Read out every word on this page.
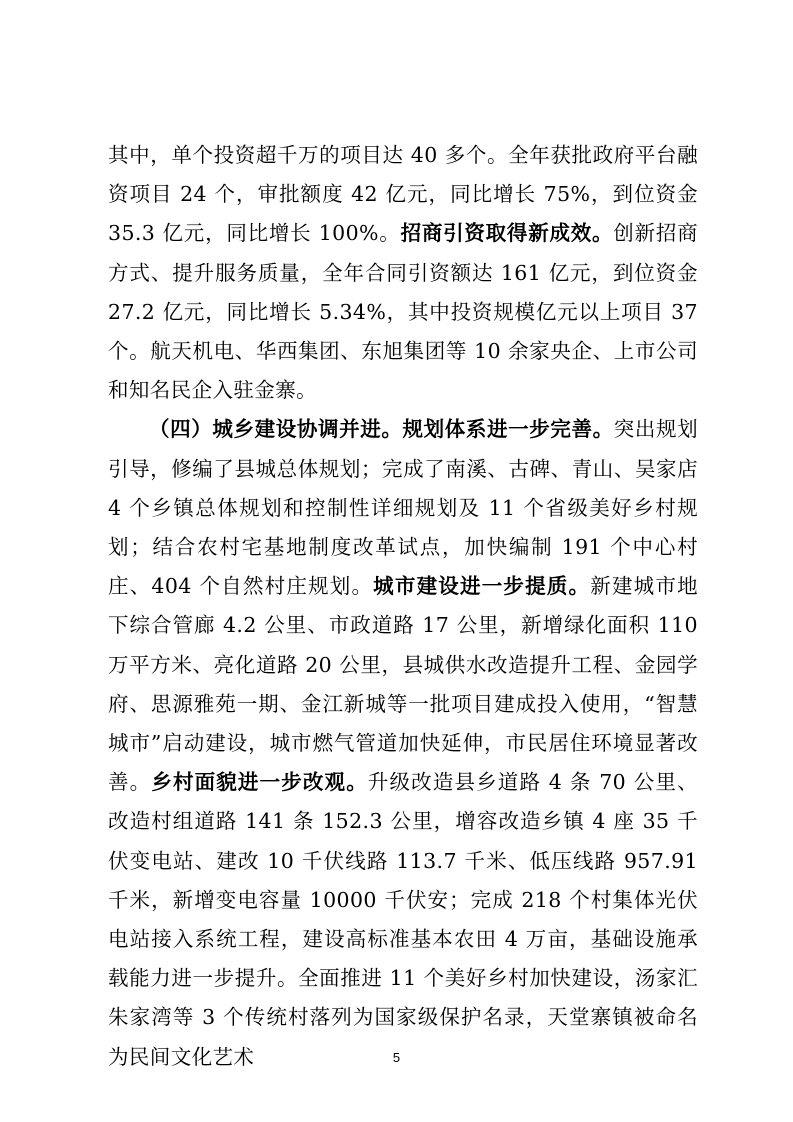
其中，单个投资超千万的项目达 40 多个。全年获批政府平台融资项目 24 个，审批额度 42 亿元，同比增长 75%，到位资金 35.3 亿元，同比增长 100%。招商引资取得新成效。创新招商方式、提升服务质量，全年合同引资额达 161 亿元，到位资金 27.2 亿元，同比增长 5.34%，其中投资规模亿元以上项目 37 个。航天机电、华西集团、东旭集团等 10 余家央企、上市公司和知名民企入驻金寨。

（四）城乡建设协调并进。规划体系进一步完善。突出规划引导，修编了县城总体规划；完成了南溪、古碑、青山、吴家店 4 个乡镇总体规划和控制性详细规划及 11 个省级美好乡村规划；结合农村宅基地制度改革试点，加快编制 191 个中心村庄、404 个自然村庄规划。城市建设进一步提质。新建城市地下综合管廊 4.2 公里、市政道路 17 公里，新增绿化面积 110 万平方米、亮化道路 20 公里，县城供水改造提升工程、金园学府、思源雅苑一期、金江新城等一批项目建成投入使用，“智慧城市”启动建设，城市燃气管道加快延伸，市民居住环境显著改善。乡村面貌进一步改观。升级改造县乡道路 4 条 70 公里、改造村组道路 141 条 152.3 公里，增容改造乡镇 4 座 35 千伏变电站、建改 10 千伏线路 113.7 千米、低压线路 957.91 千米，新增变电容量 10000 千伏安；完成 218 个村集体光伏电站接入系统工程，建设高标准基本农田 4 万亩，基础设施承载能力进一步提升。全面推进 11 个美好乡村加快建设，汤家汇朱家湾等 3 个传统村落列为国家级保护名录，天堂寨镇被命名为民间文化艺术	5
